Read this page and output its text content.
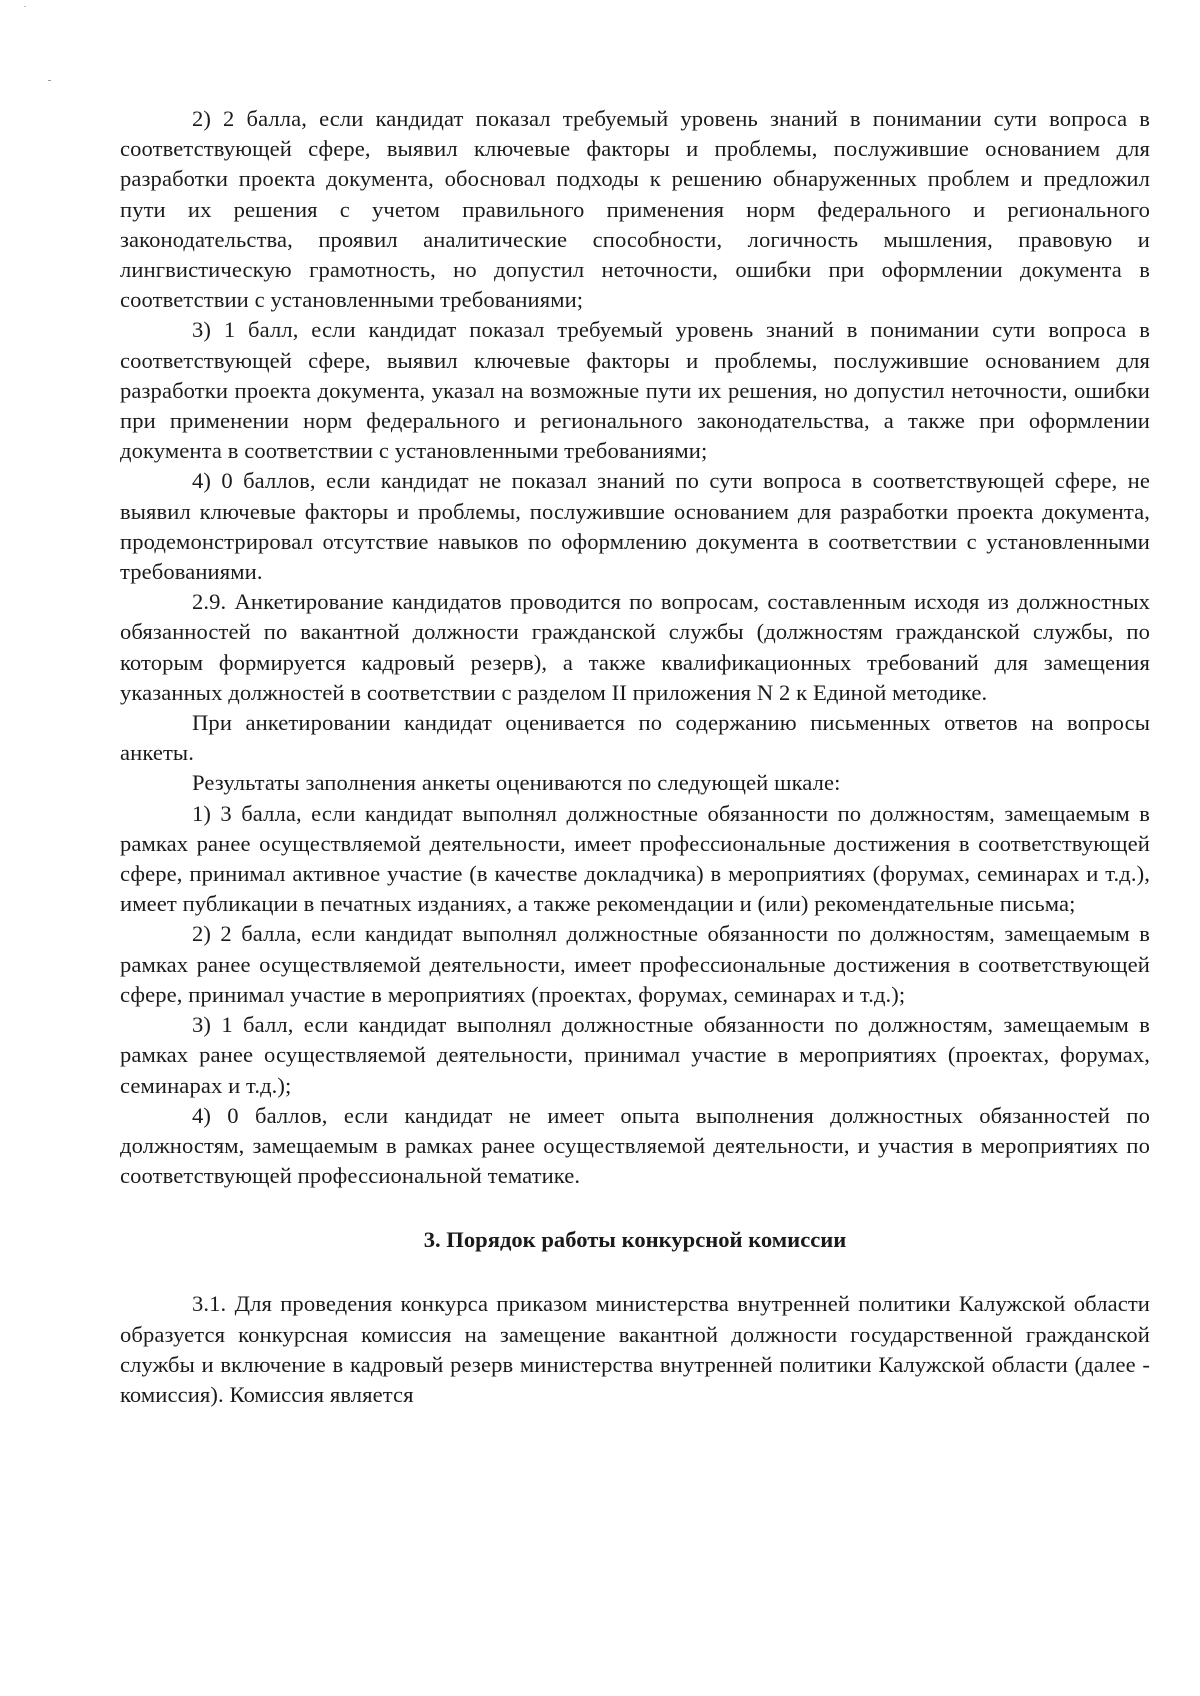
2) 2 балла, если кандидат показал требуемый уровень знаний в понимании сути вопроса в соответствующей сфере, выявил ключевые факторы и проблемы, послужившие основанием для разработки проекта документа, обосновал подходы к решению обнаруженных проблем и предложил пути их решения с учетом правильного применения норм федерального и регионального законодательства, проявил аналитические способности, логичность мышления, правовую и лингвистическую грамотность, но допустил неточности, ошибки при оформлении документа в соответствии с установленными требованиями;

3) 1 балл, если кандидат показал требуемый уровень знаний в понимании сути вопроса в соответствующей сфере, выявил ключевые факторы и проблемы, послужившие основанием для разработки проекта документа, указал на возможные пути их решения, но допустил неточности, ошибки при применении норм федерального и регионального законодательства, а также при оформлении документа в соответствии с установленными требованиями;

4) 0 баллов, если кандидат не показал знаний по сути вопроса в соответствующей сфере, не выявил ключевые факторы и проблемы, послужившие основанием для разработки проекта документа, продемонстрировал отсутствие навыков по оформлению документа в соответствии с установленными требованиями.

2.9. Анкетирование кандидатов проводится по вопросам, составленным исходя из должностных обязанностей по вакантной должности гражданской службы (должностям гражданской службы, по которым формируется кадровый резерв), а также квалификационных требований для замещения указанных должностей в соответствии с разделом II приложения N 2 к Единой методике.

При анкетировании кандидат оценивается по содержанию письменных ответов на вопросы анкеты.

Результаты заполнения анкеты оцениваются по следующей шкале:

1) 3 балла, если кандидат выполнял должностные обязанности по должностям, замещаемым в рамках ранее осуществляемой деятельности, имеет профессиональные достижения в соответствующей сфере, принимал активное участие (в качестве докладчика) в мероприятиях (форумах, семинарах и т.д.), имеет публикации в печатных изданиях, а также рекомендации и (или) рекомендательные письма;

2) 2 балла, если кандидат выполнял должностные обязанности по должностям, замещаемым в рамках ранее осуществляемой деятельности, имеет профессиональные достижения в соответствующей сфере, принимал участие в мероприятиях (проектах, форумах, семинарах и т.д.);

3) 1 балл, если кандидат выполнял должностные обязанности по должностям, замещаемым в рамках ранее осуществляемой деятельности, принимал участие в мероприятиях (проектах, форумах, семинарах и т.д.);

4) 0 баллов, если кандидат не имеет опыта выполнения должностных обязанностей по должностям, замещаемым в рамках ранее осуществляемой деятельности, и участия в мероприятиях по соответствующей профессиональной тематике.

3. Порядок работы конкурсной комиссии

3.1. Для проведения конкурса приказом министерства внутренней политики Калужской области образуется конкурсная комиссия на замещение вакантной должности государственной гражданской службы и включение в кадровый резерв министерства внутренней политики Калужской области (далее - комиссия). Комиссия является
